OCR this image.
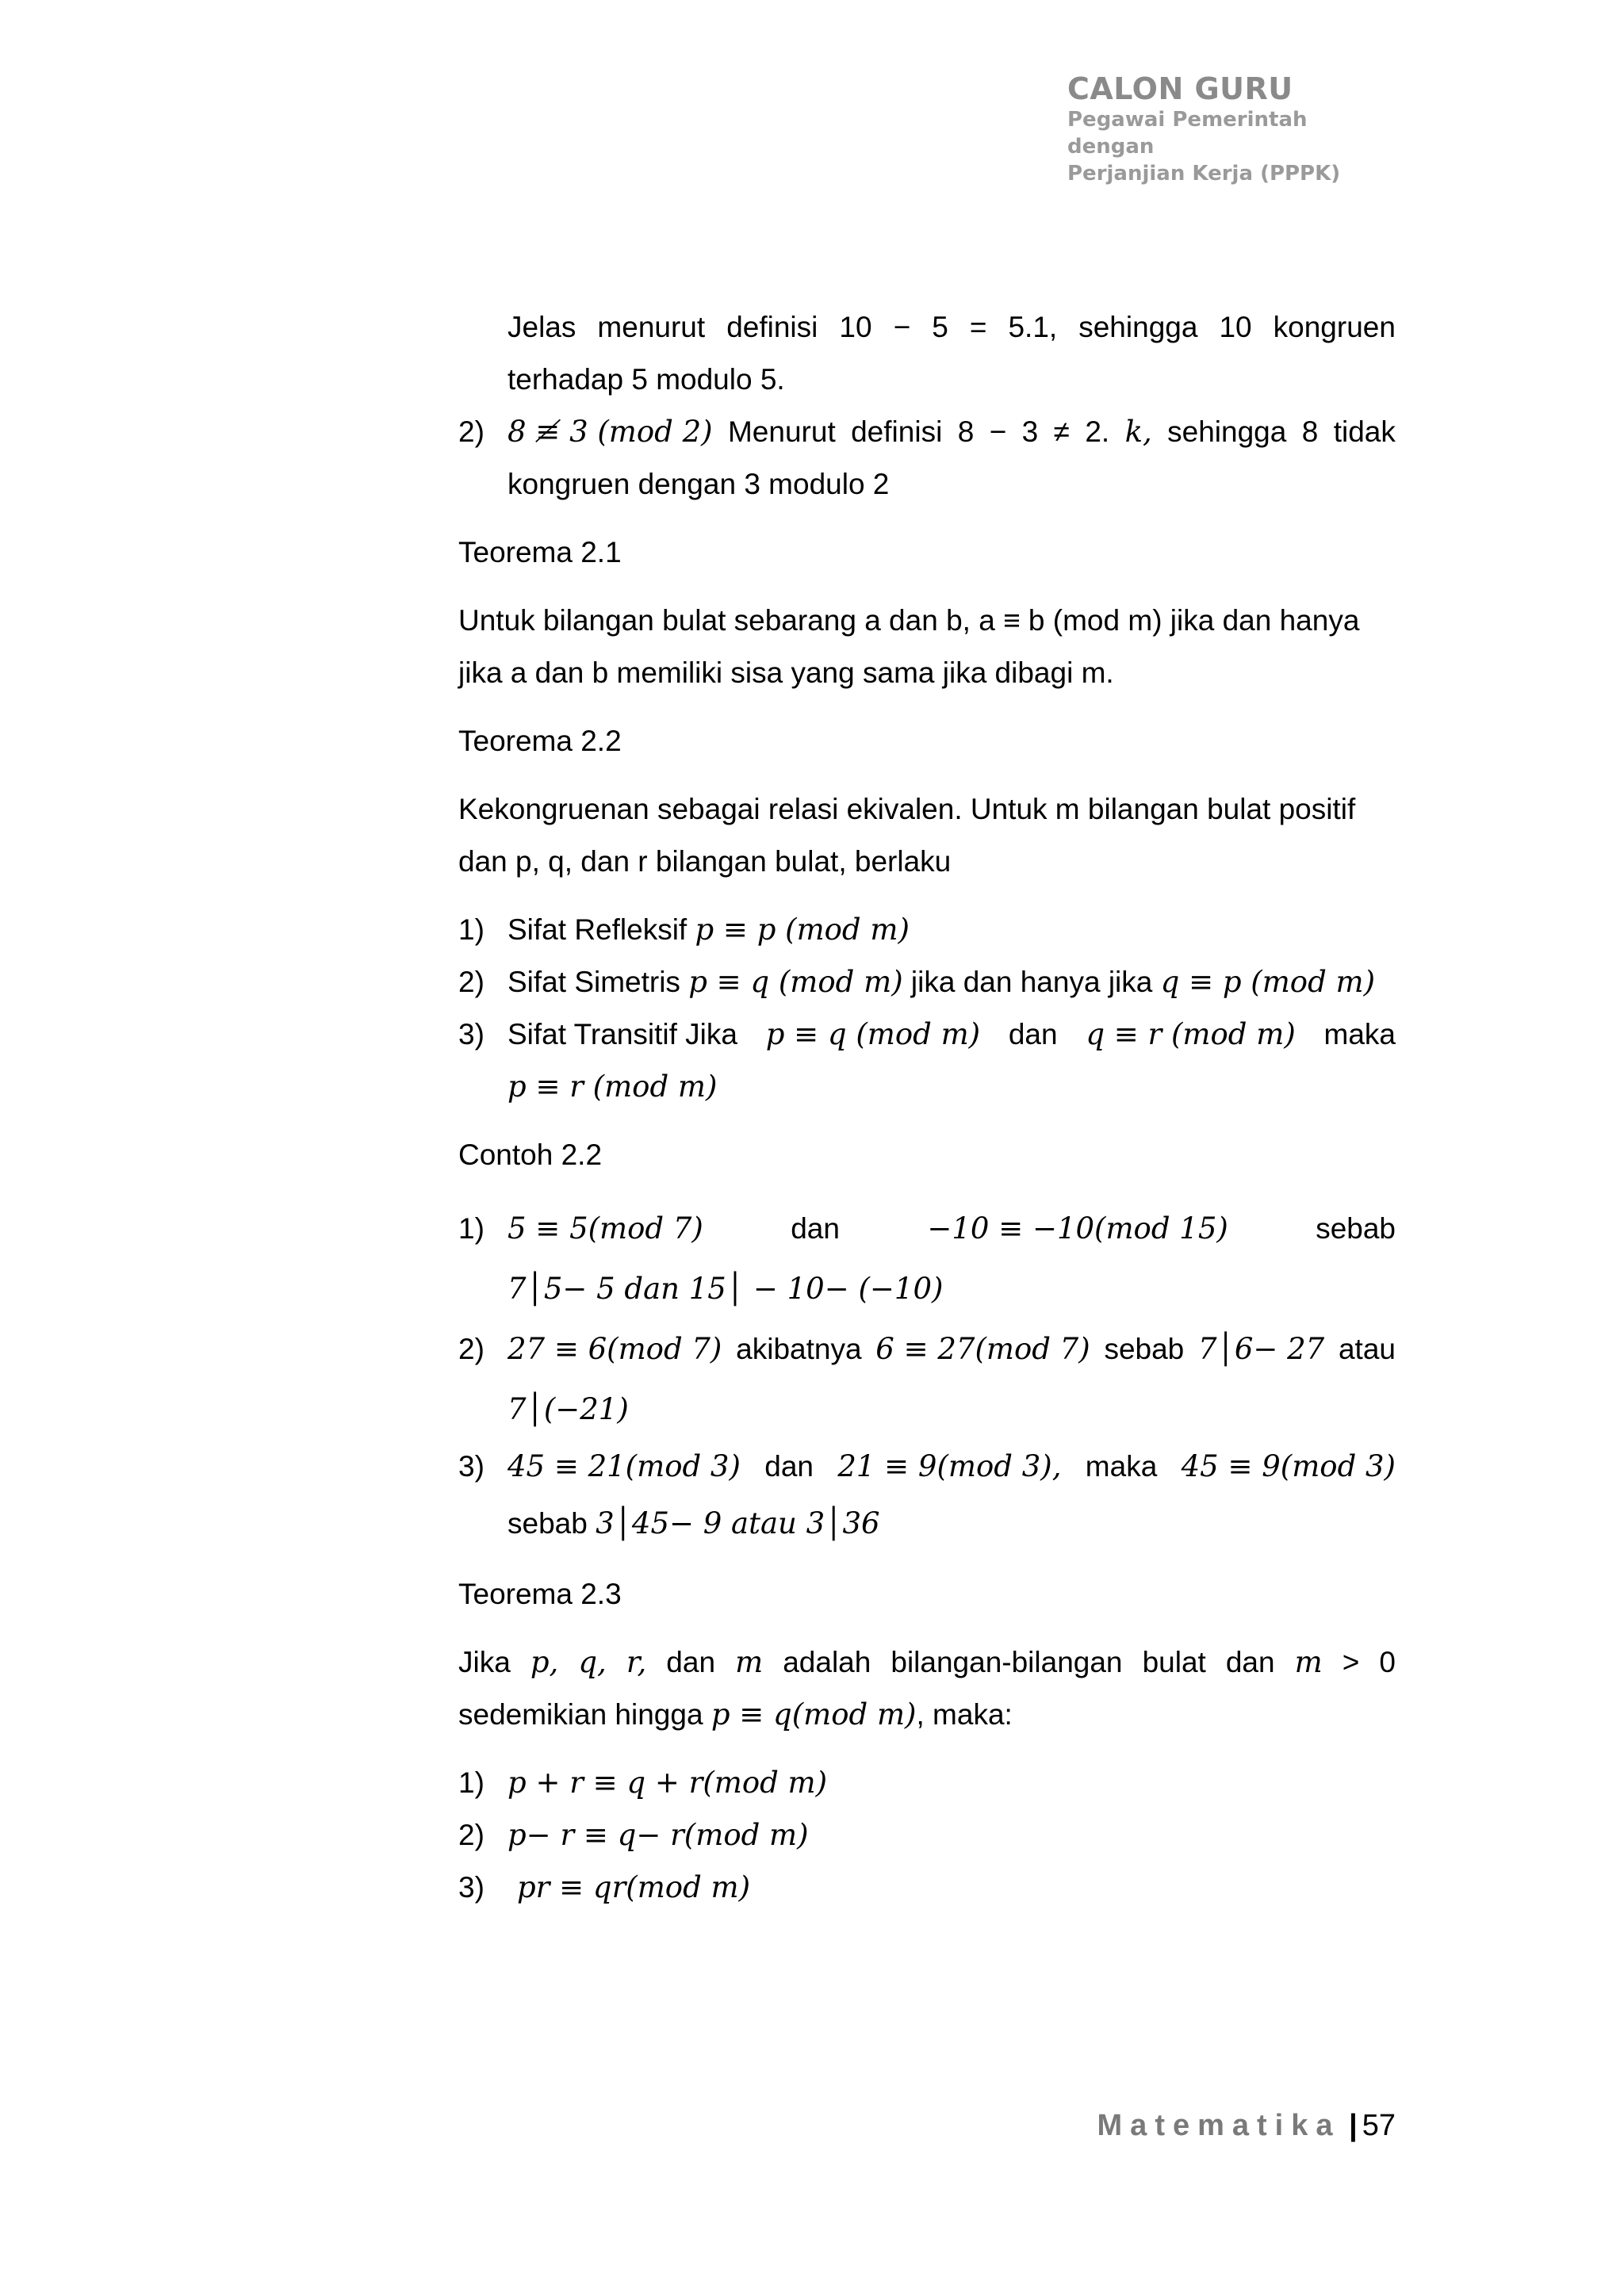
CALON GURU
Pegawai Pemerintah dengan
Perjanjian Kerja (PPPK)
Jelas menurut definisi 10 − 5 = 5.1, sehingga 10 kongruen
terhadap 5 modulo 5.
2) 8 ≢ 3 (mod 2) Menurut definisi 8 − 3 ≠ 2. k, sehingga 8 tidak
kongruen dengan 3 modulo 2
Teorema 2.1
Untuk bilangan bulat sebarang a dan b, a ≡ b (mod m) jika dan hanya
jika a dan b memiliki sisa yang sama jika dibagi m.
Teorema 2.2
Kekongruenan sebagai relasi ekivalen. Untuk m bilangan bulat positif
dan p, q, dan r bilangan bulat, berlaku
1) Sifat Refleksif
p ≡ p (mod m)
2) Sifat Simetris
p ≡ q (mod m)
jika dan hanya jika
q ≡ p (mod m)
3) Sifat Transitif Jika p ≡ q (mod m) dan q ≡ r (mod m) maka
p ≡ r (mod m)
Contoh 2.2
1) 5 ≡ 5(mod 7)	dan	−10 ≡ −10(mod 15)	sebab
7│5− 5 dan 15│ − 10− (−10)
2) 27 ≡ 6(mod 7) akibatnya 6 ≡ 27(mod 7) sebab 7│6− 27 atau
7│(−21)
3) 45 ≡ 21(mod 3) dan 21 ≡ 9(mod 3), maka 45 ≡ 9(mod 3)
sebab 3│45− 9 atau 3│36
Teorema 2.3
Jika p, q, r, dan m adalah bilangan-bilangan bulat dan m > 0
sedemikian hingga p ≡ q(mod m), maka:
1) p + r ≡ q + r(mod m)
2) p− r ≡ q− r(mod m)
3)	pr ≡ qr(mod m)
Matematika | 57
